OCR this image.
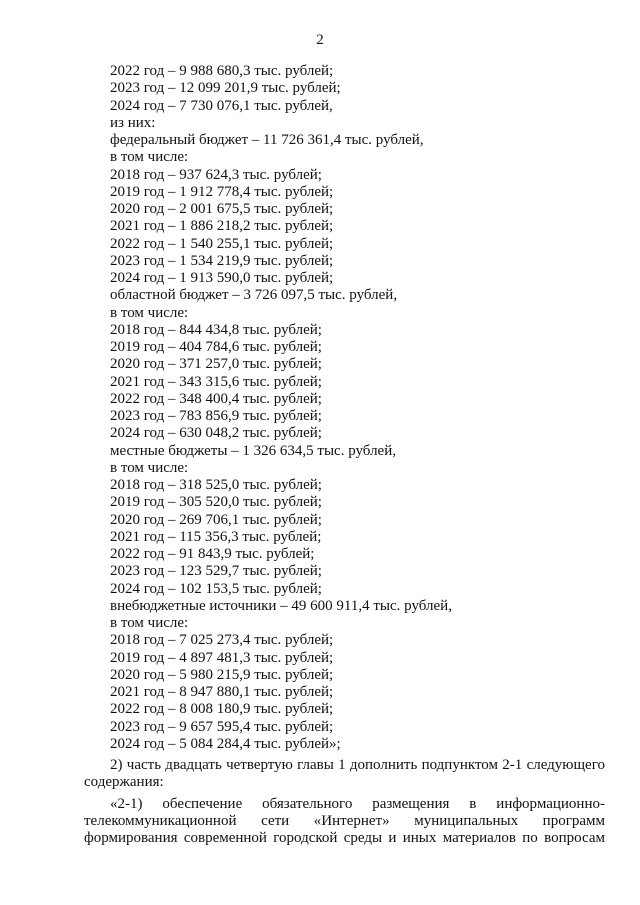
2
2022 год – 9 988 680,3 тыс. рублей;
2023 год – 12 099 201,9 тыс. рублей;
2024 год – 7 730 076,1 тыс. рублей,
из них:
федеральный бюджет – 11 726 361,4 тыс. рублей,
в том числе:
2018 год – 937 624,3 тыс. рублей;
2019 год – 1 912 778,4 тыс. рублей;
2020 год – 2 001 675,5 тыс. рублей;
2021 год – 1 886 218,2 тыс. рублей;
2022 год – 1 540 255,1 тыс. рублей;
2023 год – 1 534 219,9 тыс. рублей;
2024 год – 1 913 590,0 тыс. рублей;
областной бюджет – 3 726 097,5 тыс. рублей,
в том числе:
2018 год – 844 434,8 тыс. рублей;
2019 год – 404 784,6 тыс. рублей;
2020 год – 371 257,0 тыс. рублей;
2021 год – 343 315,6 тыс. рублей;
2022 год – 348 400,4 тыс. рублей;
2023 год – 783 856,9 тыс. рублей;
2024 год – 630 048,2 тыс. рублей;
местные бюджеты – 1 326 634,5 тыс. рублей,
в том числе:
2018 год – 318 525,0 тыс. рублей;
2019 год – 305 520,0 тыс. рублей;
2020 год – 269 706,1 тыс. рублей;
2021 год – 115 356,3 тыс. рублей;
2022 год – 91 843,9 тыс. рублей;
2023 год – 123 529,7 тыс. рублей;
2024 год – 102 153,5 тыс. рублей;
внебюджетные источники – 49 600 911,4 тыс. рублей,
в том числе:
2018 год – 7 025 273,4 тыс. рублей;
2019 год – 4 897 481,3 тыс. рублей;
2020 год – 5 980 215,9 тыс. рублей;
2021 год – 8 947 880,1 тыс. рублей;
2022 год – 8 008 180,9 тыс. рублей;
2023 год – 9 657 595,4 тыс. рублей;
2024 год – 5 084 284,4 тыс. рублей»;
2) часть двадцать четвертую главы 1 дополнить подпунктом 2-1 следующего
содержания:
«2-1) обеспечение обязательного размещения в информационно-
телекоммуникационной сети «Интернет» муниципальных программ
формирования современной городской среды и иных материалов по вопросам
